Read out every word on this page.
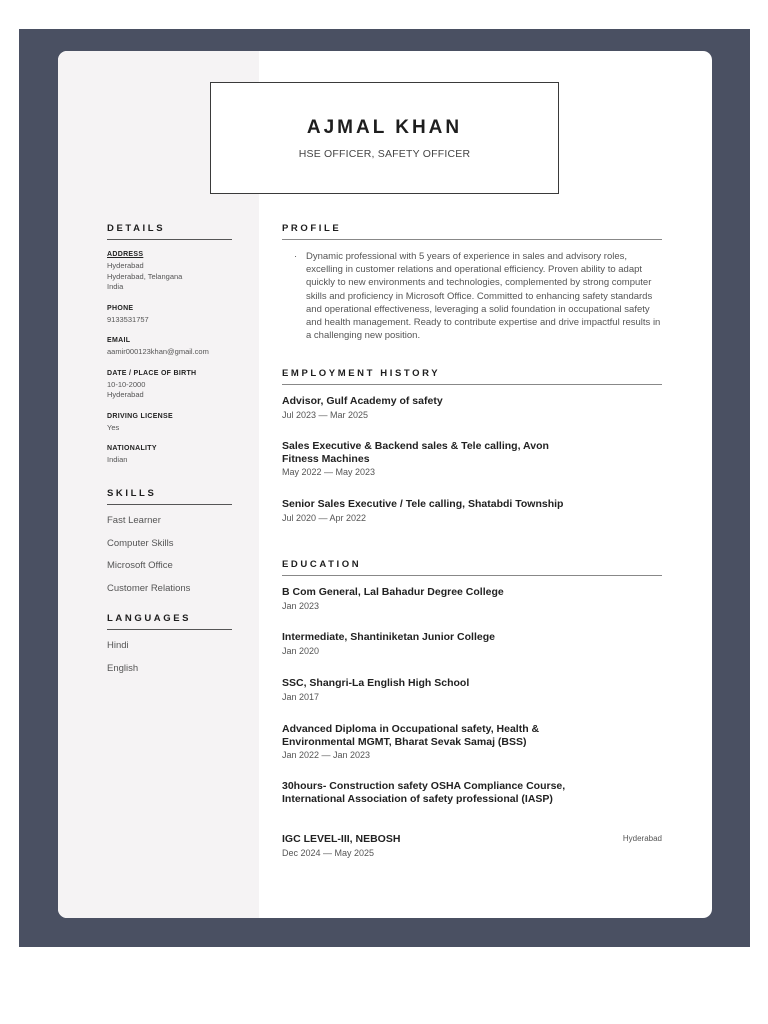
AJMAL KHAN
HSE OFFICER, SAFETY OFFICER
DETAILS
ADDRESS
Hyderabad
Hyderabad, Telangana
India
PHONE
9133531757
EMAIL
aamir000123khan@gmail.com
DATE / PLACE OF BIRTH
10-10-2000
Hyderabad
DRIVING LICENSE
Yes
NATIONALITY
Indian
SKILLS
Fast Learner
Computer Skills
Microsoft Office
Customer Relations
LANGUAGES
Hindi
English
PROFILE
· Dynamic professional with 5 years of experience in sales and advisory roles, excelling in customer relations and operational efficiency. Proven ability to adapt quickly to new environments and technologies, complemented by strong computer skills and proficiency in Microsoft Office. Committed to enhancing safety standards and operational effectiveness, leveraging a solid foundation in occupational safety and health management. Ready to contribute expertise and drive impactful results in a challenging new position.
EMPLOYMENT HISTORY
Advisor, Gulf Academy of safety
Jul 2023 — Mar 2025
Sales Executive & Backend sales & Tele calling, Avon Fitness Machines
May 2022 — May 2023
Senior Sales Executive / Tele calling, Shatabdi Township
Jul 2020 — Apr 2022
EDUCATION
B Com General, Lal Bahadur Degree College
Jan 2023
Intermediate, Shantiniketan Junior College
Jan 2020
SSC, Shangri-La English High School
Jan 2017
Advanced Diploma in Occupational safety, Health & Environmental MGMT, Bharat Sevak Samaj (BSS)
Jan 2022 — Jan 2023
30hours- Construction safety OSHA Compliance Course, International Association of safety professional (IASP)
IGC LEVEL-III, NEBOSH
Dec 2024 — May 2025
Hyderabad
